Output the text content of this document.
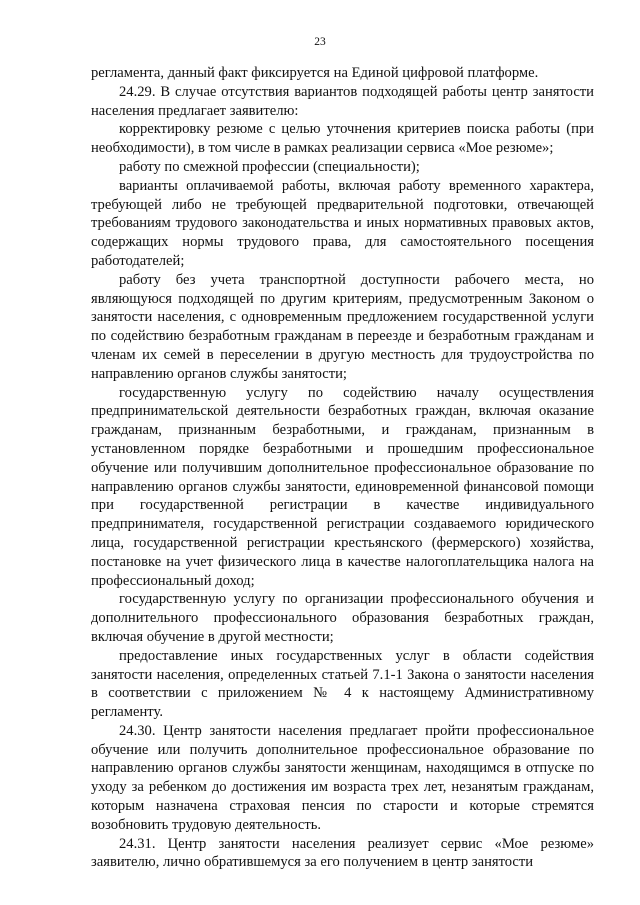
23

регламента, данный факт фиксируется на Единой цифровой платформе.

24.29. В случае отсутствия вариантов подходящей работы центр занятости населения предлагает заявителю:

корректировку резюме с целью уточнения критериев поиска работы (при необходимости), в том числе в рамках реализации сервиса «Мое резюме»;

работу по смежной профессии (специальности);

варианты оплачиваемой работы, включая работу временного характера, требующей либо не требующей предварительной подготовки, отвечающей требованиям трудового законодательства и иных нормативных правовых актов, содержащих нормы трудового права, для самостоятельного посещения работодателей;

работу без учета транспортной доступности рабочего места, но являющуюся подходящей по другим критериям, предусмотренным Законом о занятости населения, с одновременным предложением государственной услуги по содействию безработным гражданам в переезде и безработным гражданам и членам их семей в переселении в другую местность для трудоустройства по направлению органов службы занятости;

государственную услугу по содействию началу осуществления предпринимательской деятельности безработных граждан, включая оказание гражданам, признанным безработными, и гражданам, признанным в установленном порядке безработными и прошедшим профессиональное обучение или получившим дополнительное профессиональное образование по направлению органов службы занятости, единовременной финансовой помощи при государственной регистрации в качестве индивидуального предпринимателя, государственной регистрации создаваемого юридического лица, государственной регистрации крестьянского (фермерского) хозяйства, постановке на учет физического лица в качестве налогоплательщика налога на профессиональный доход;

государственную услугу по организации профессионального обучения и дополнительного профессионального образования безработных граждан, включая обучение в другой местности;

предоставление иных государственных услуг в области содействия занятости населения, определенных статьей 7.1-1 Закона о занятости населения в соответствии с приложением № 4 к настоящему Административному регламенту.

24.30. Центр занятости населения предлагает пройти профессиональное обучение или получить дополнительное профессиональное образование по направлению органов службы занятости женщинам, находящимся в отпуске по уходу за ребенком до достижения им возраста трех лет, незанятым гражданам, которым назначена страховая пенсия по старости и которые стремятся возобновить трудовую деятельность.

24.31. Центр занятости населения реализует сервис «Мое резюме» заявителю, лично обратившемуся за его получением в центр занятости
